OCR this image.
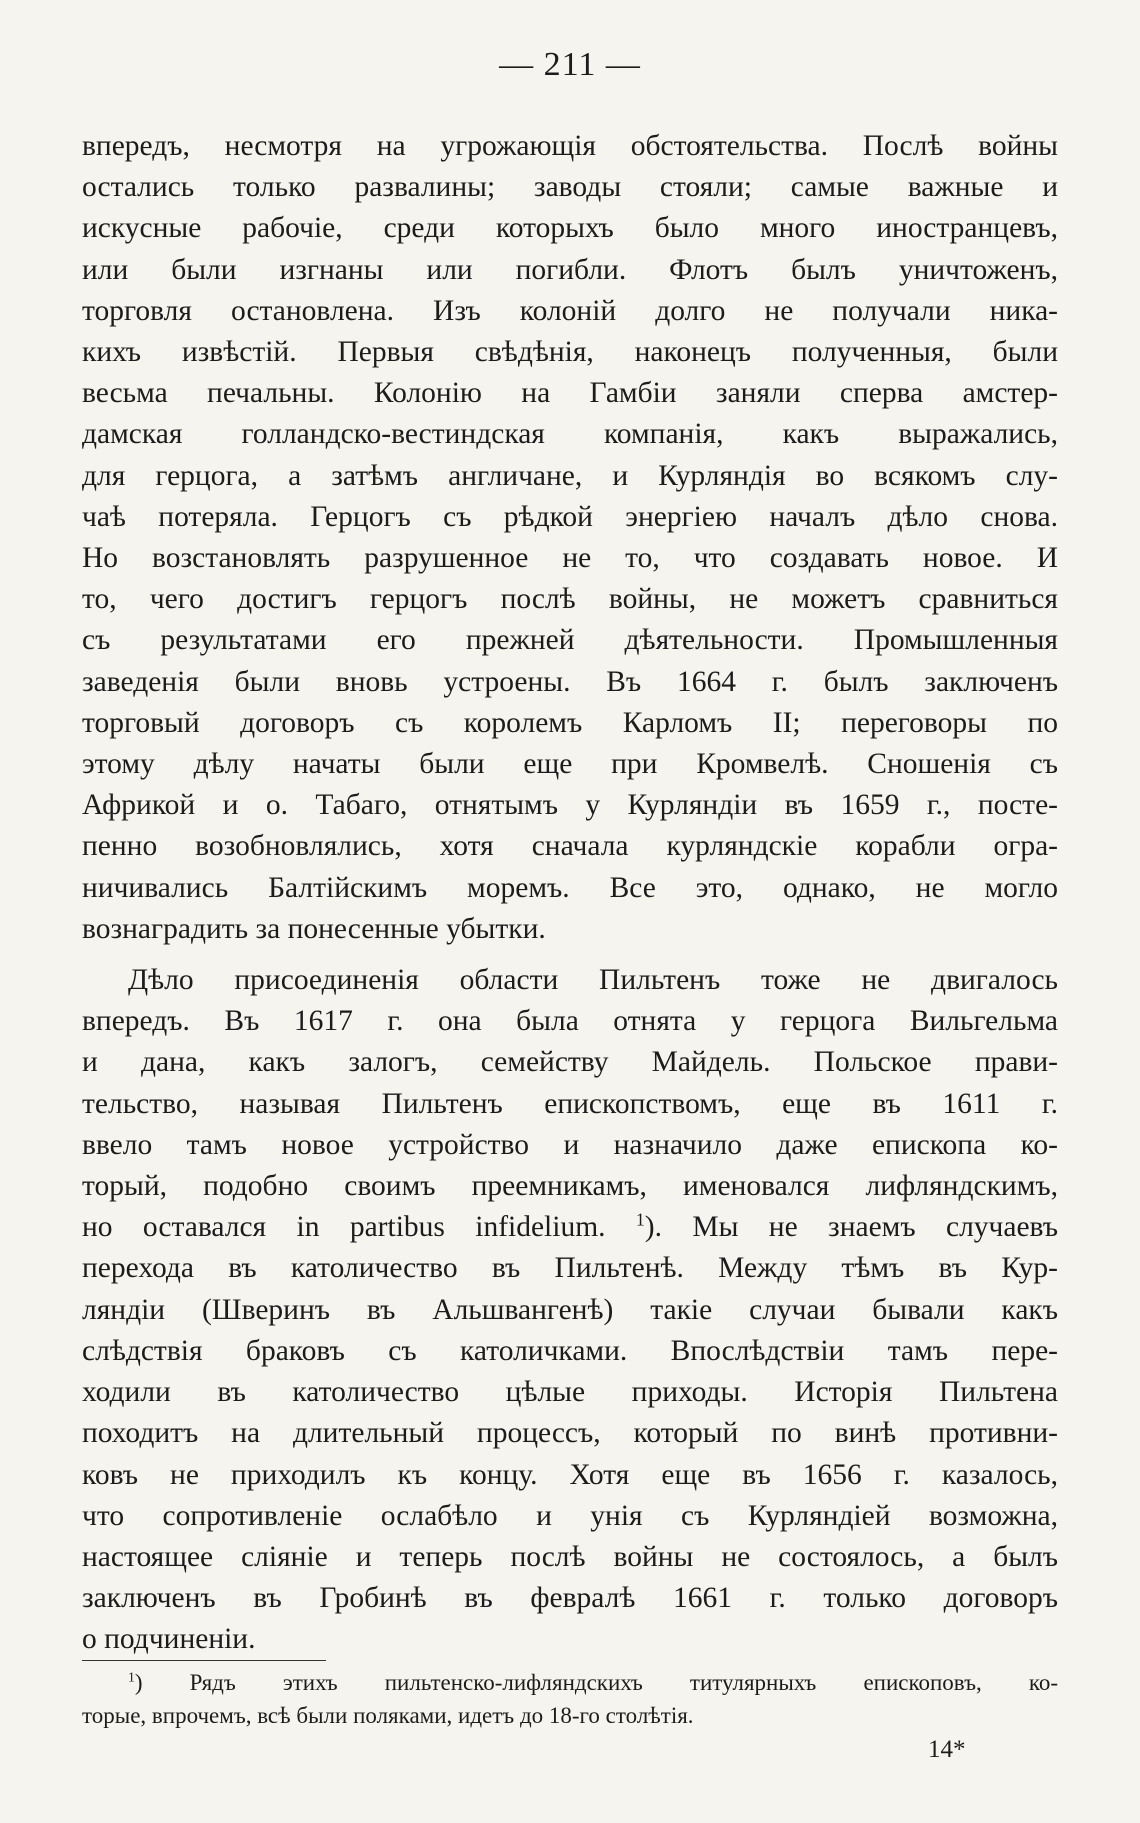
— 211 —
впередъ, несмотря на угрожающія обстоятельства. Послѣ войны
остались только развалины; заводы стояли; самые важные и
искусные рабочіе, среди которыхъ было много иностранцевъ,
или были изгнаны или погибли. Флотъ былъ уничтоженъ,
торговля остановлена. Изъ колоній долго не получали ника-
кихъ извѣстій. Первыя свѣдѣнія, наконецъ полученныя, были
весьма печальны. Колонію на Гамбіи заняли сперва амстер-
дамская голландско-вестиндская компанія, какъ выражались,
для герцога, а затѣмъ англичане, и Курляндія во всякомъ слу-
чаѣ потеряла. Герцогъ съ рѣдкой энергіею началъ дѣло снова.
Но возстановлять разрушенное не то, что создавать новое. И
то, чего достигъ герцогъ послѣ войны, не можетъ сравниться
съ результатами его прежней дѣятельности. Промышленныя
заведенія были вновь устроены. Въ 1664 г. былъ заключенъ
торговый договоръ съ королемъ Карломъ II; переговоры по
этому дѣлу начаты были еще при Кромвелѣ. Сношенія съ
Африкой и о. Табаго, отнятымъ у Курляндіи въ 1659 г., посте-
пенно возобновлялись, хотя сначала курляндскіе корабли огра-
ничивались Балтійскимъ моремъ. Все это, однако, не могло
вознаградить за понесенные убытки.
Дѣло присоединенія области Пильтенъ тоже не двигалось
впередъ. Въ 1617 г. она была отнята у герцога Вильгельма
и дана, какъ залогъ, семейству Майдель. Польское прави-
тельство, называя Пильтенъ епископствомъ, еще въ 1611 г.
ввело тамъ новое устройство и назначило даже епископа ко-
торый, подобно своимъ преемникамъ, именовался лифляндскимъ,
но оставался in partibus infidelium. $^1$). Мы не знаемъ случаевъ
перехода въ католичество въ Пильтенѣ. Между тѣмъ въ Кур-
ляндіи (Шверинъ въ Альшвангенѣ) такіе случаи бывали какъ
слѣдствія браковъ съ католичками. Впослѣдствіи тамъ пере-
ходили въ католичество цѣлые приходы. Исторія Пильтена
походитъ на длительный процессъ, который по винѣ противни-
ковъ не приходилъ къ концу. Хотя еще въ 1656 г. казалось,
что сопротивленіе ослабѣло и унія съ Курляндіей возможна,
настоящее сліяніе и теперь послѣ войны не состоялось, а былъ
заключенъ въ Гробинѣ въ февралѣ 1661 г. только договоръ
о подчиненіи.
$^1$) Рядъ этихъ пильтенско-лифляндскихъ титулярныхъ епископовъ, ко-
торые, впрочемъ, всѣ были поляками, идетъ до 18-го столѣтія.
14*
